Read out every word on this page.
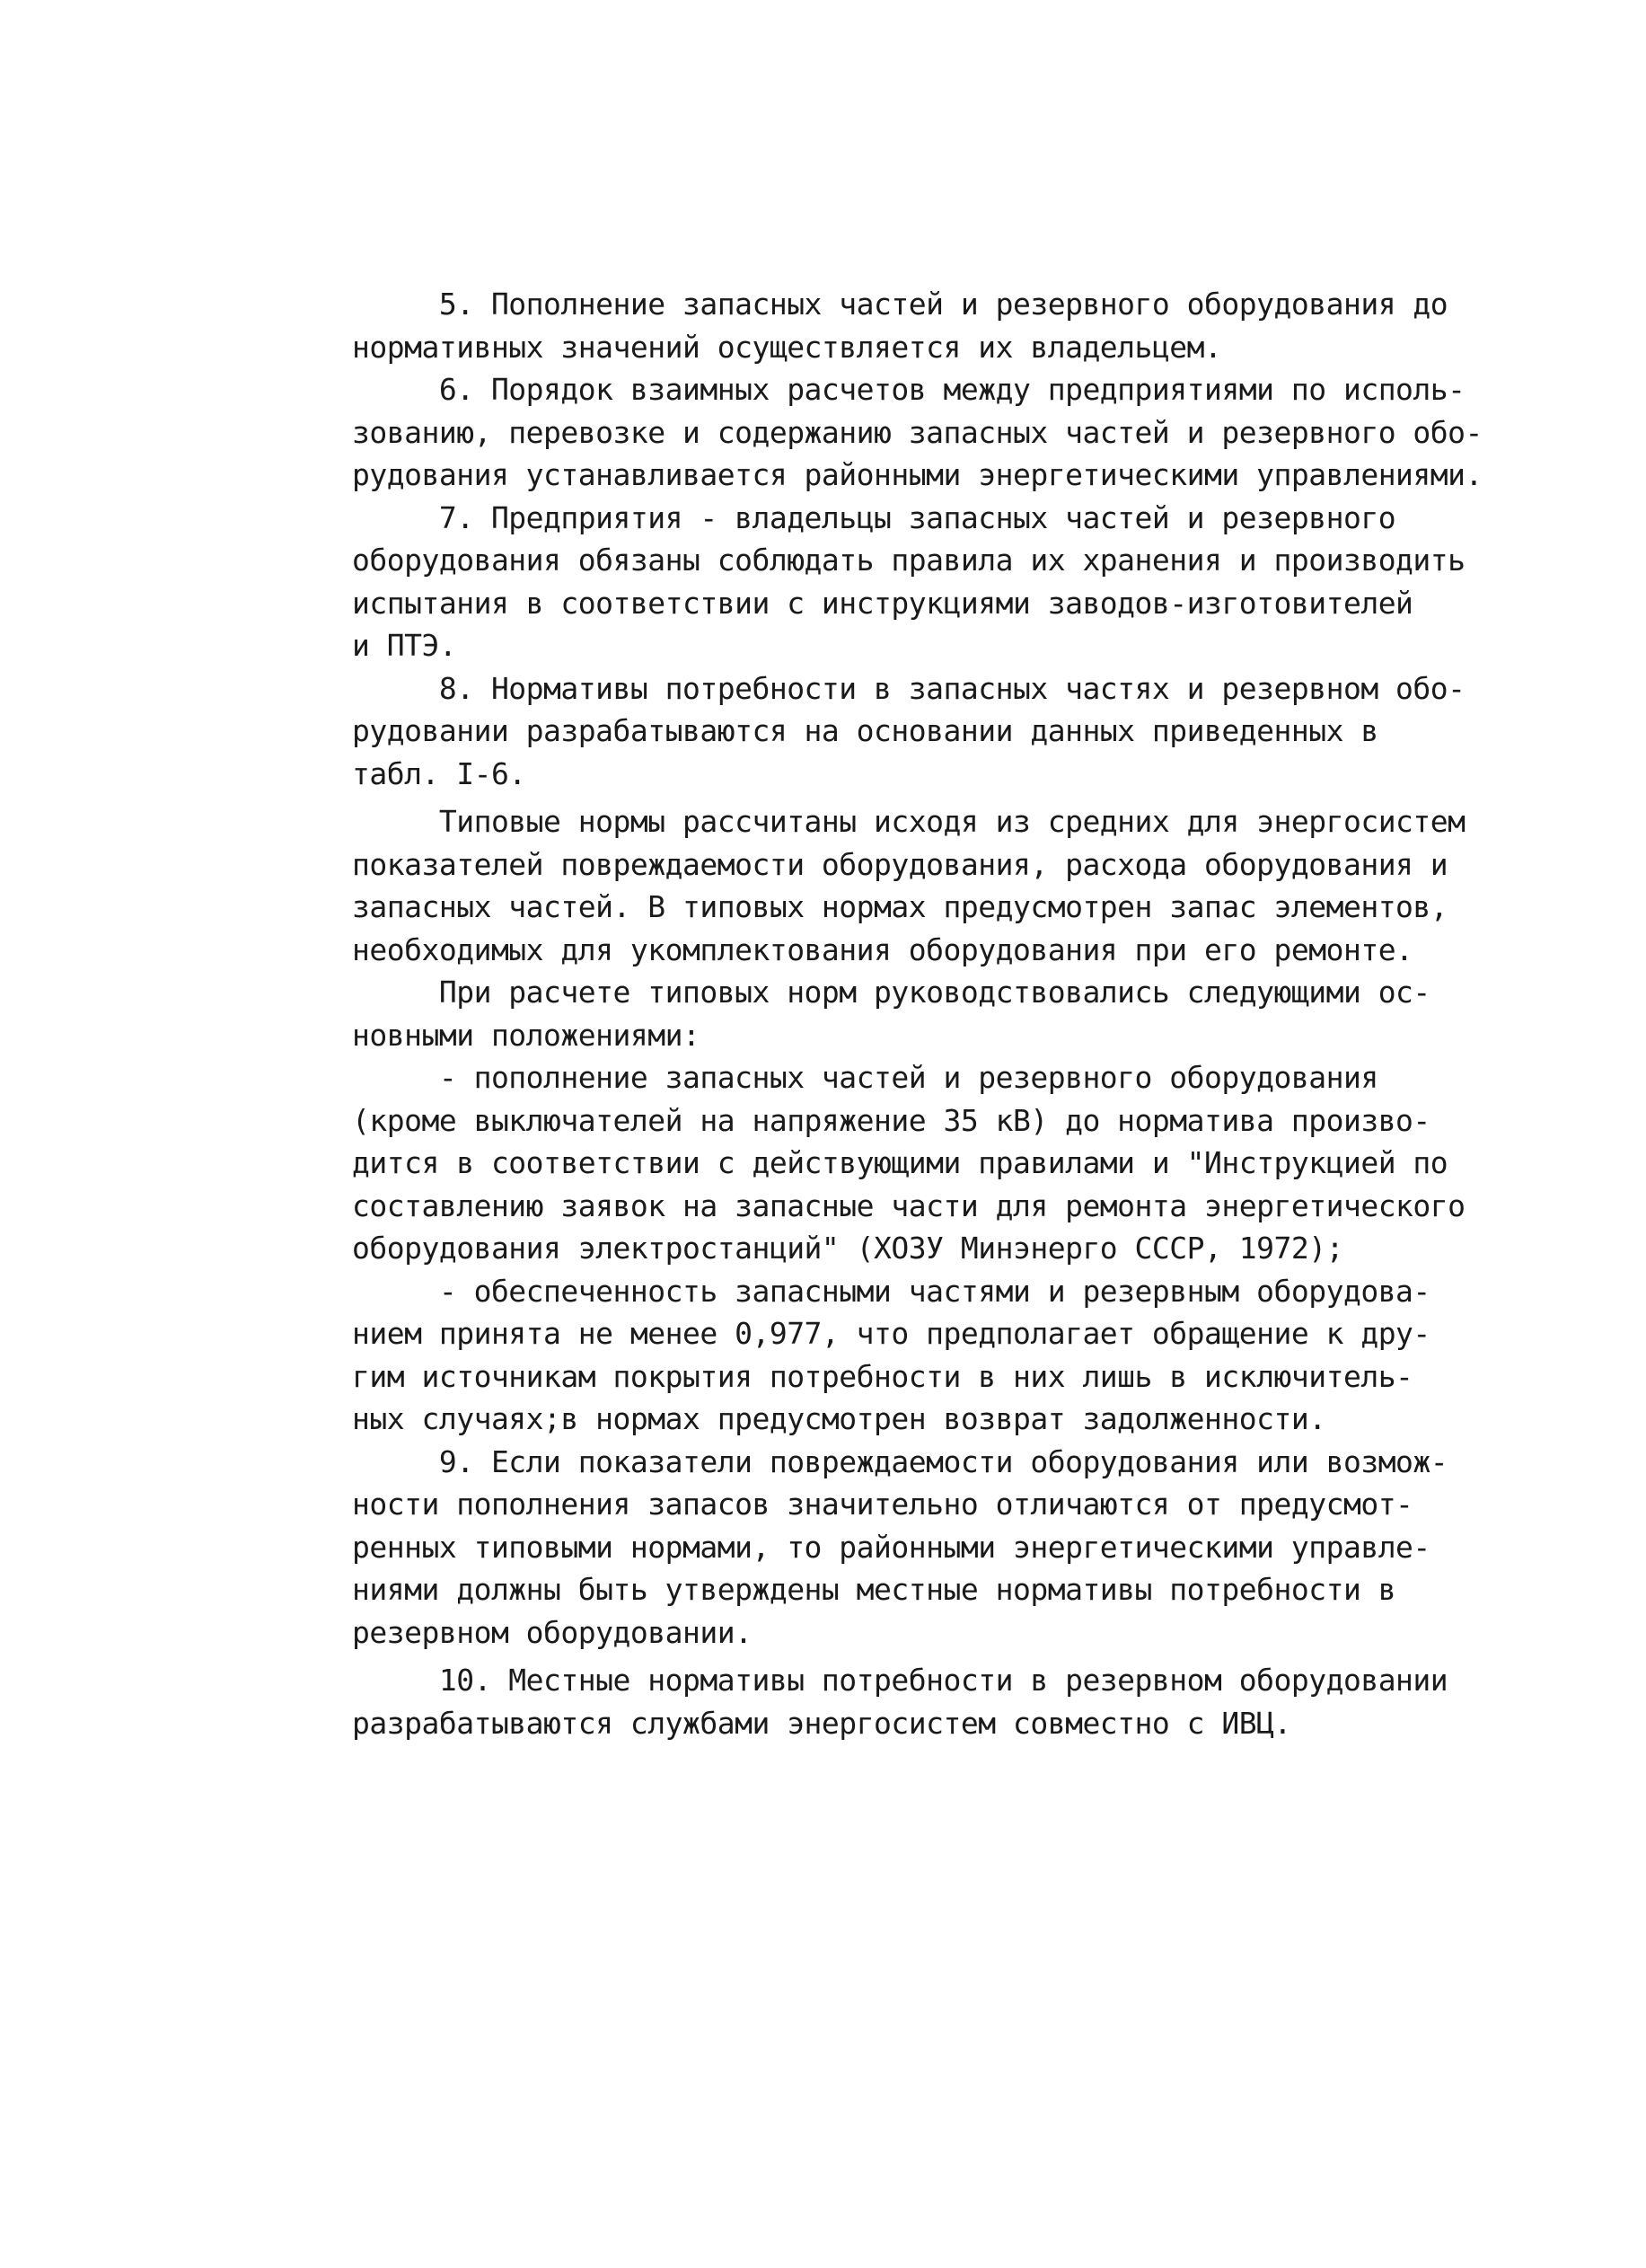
5. Пополнение запасных частей и резервного оборудования до
нормативных значений осуществляется их владельцем.
6. Порядок взаимных расчетов между предприятиями по исполь-
зованию, перевозке и содержанию запасных частей и резервного обо-
рудования устанавливается районными энергетическими управлениями.
7. Предприятия - владельцы запасных частей и резервного
оборудования обязаны соблюдать правила их хранения и производить
испытания в соответствии с инструкциями заводов-изготовителей
и ПТЭ.
8. Нормативы потребности в запасных частях и резервном обо-
рудовании разрабатываются на основании данных приведенных в
табл. I-6.
Типовые нормы рассчитаны исходя из средних для энергосистем
показателей повреждаемости оборудования, расхода оборудования и
запасных частей. В типовых нормах предусмотрен запас элементов,
необходимых для укомплектования оборудования при его ремонте.
При расчете типовых норм руководствовались следующими ос-
новными положениями:
- пополнение запасных частей и резервного оборудования
(кроме выключателей на напряжение 35 кВ) до норматива произво-
дится в соответствии с действующими правилами и "Инструкцией по
составлению заявок на запасные части для ремонта энергетического
оборудования электростанций" (ХОЗУ Минэнерго СССР, 1972);
- обеспеченность запасными частями и резервным оборудова-
нием принята не менее 0,977, что предполагает обращение к дру-
гим источникам покрытия потребности в них лишь в исключитель-
ных случаях;в нормах предусмотрен возврат задолженности.
9. Если показатели повреждаемости оборудования или возмож-
ности пополнения запасов значительно отличаются от предусмот-
ренных типовыми нормами, то районными энергетическими управле-
ниями должны быть утверждены местные нормативы потребности в
резервном оборудовании.
10. Местные нормативы потребности в резервном оборудовании
разрабатываются службами энергосистем совместно с ИВЦ.
